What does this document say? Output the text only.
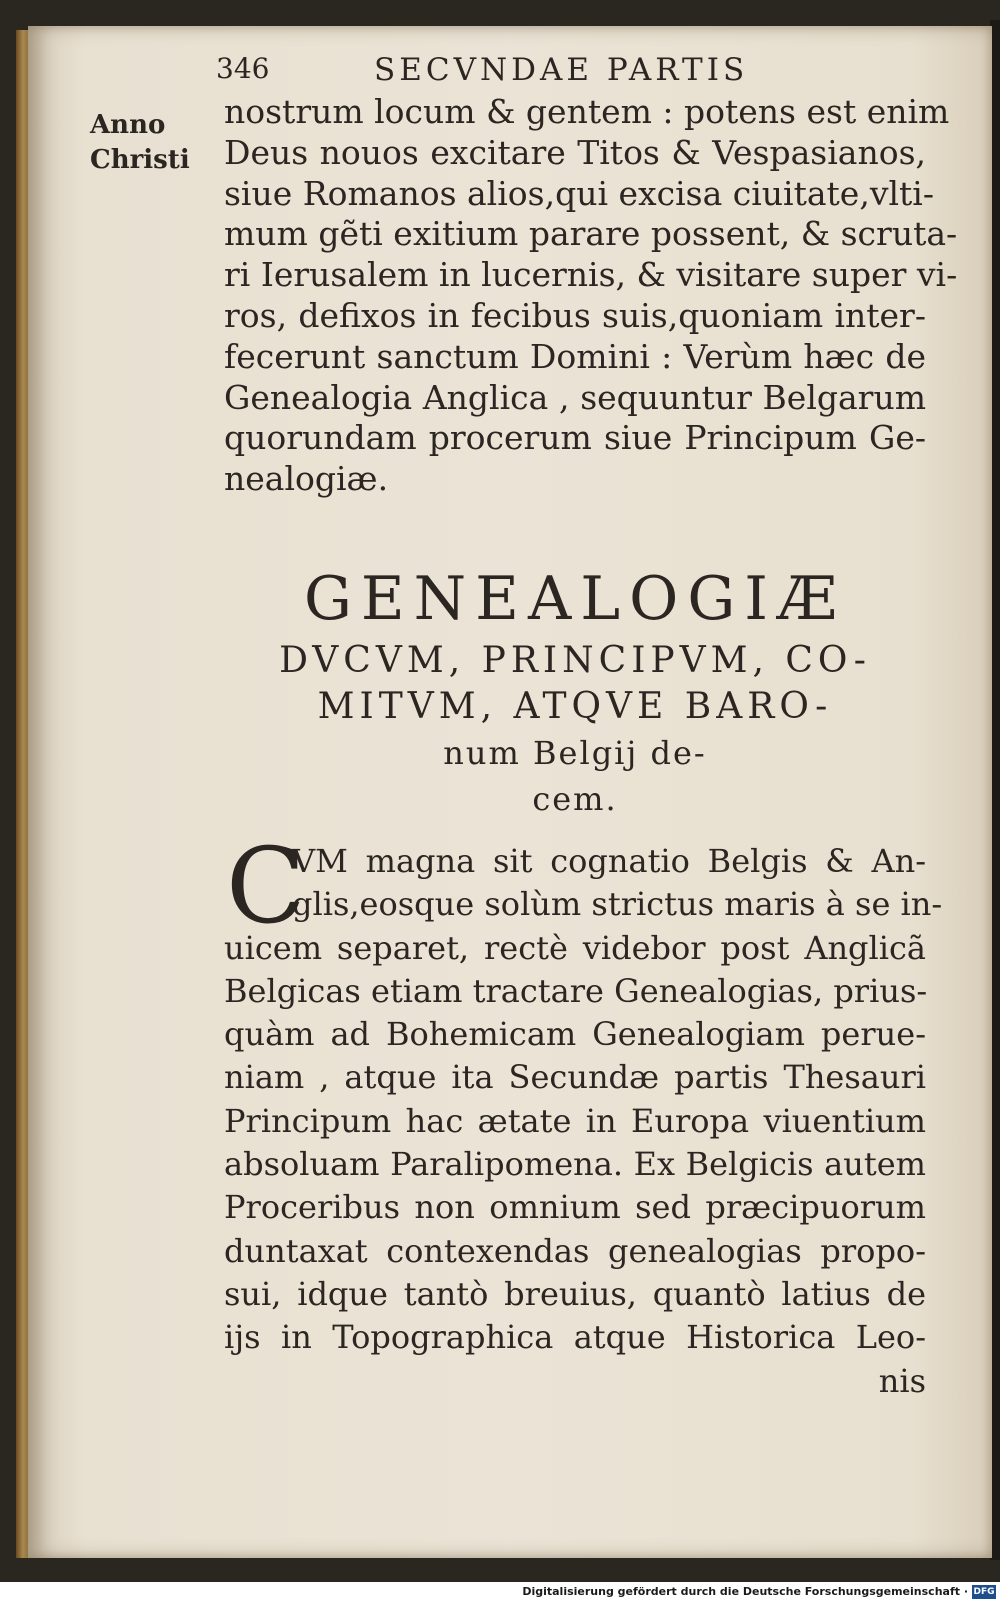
346	SECVNDAE PARTIS
Anno
Christi
nostrum locum & gentem : potens est enim
Deus nouos excitare Titos & Vespasianos,
siue Romanos alios,qui excisa ciuitate,vlti-
mum gẽti exitium parare possent, & scruta-
ri Ierusalem in lucernis, & visitare super vi-
ros, defixos in fecibus suis,quoniam inter-
fecerunt sanctum Domini : Verùm hæc de
Genealogia Anglica , sequuntur Belgarum
quorundam procerum siue Principum Ge-
nealogiæ.
GENEALOGIÆ
DVCVM, PRINCIPVM, CO-
MITVM, ATQVE BARO-
num Belgij de-
cem.
C
VM magna sit cognatio Belgis & An-
glis,eosque solùm strictus maris à se in-
uicem separet, rectè videbor post Anglicã
Belgicas etiam tractare Genealogias, prius-
quàm ad Bohemicam Genealogiam perue-
niam , atque ita Secundæ partis Thesauri
Principum hac ætate in Europa viuentium
absoluam Paralipomena. Ex Belgicis autem
Proceribus non omnium sed præcipuorum
duntaxat contexendas genealogias propo-
sui, idque tantò breuius, quantò latius de
ijs in Topographica atque Historica Leo-
nis
Digitalisierung gefördert durch die Deutsche Forschungsgemeinschaft · DFG
